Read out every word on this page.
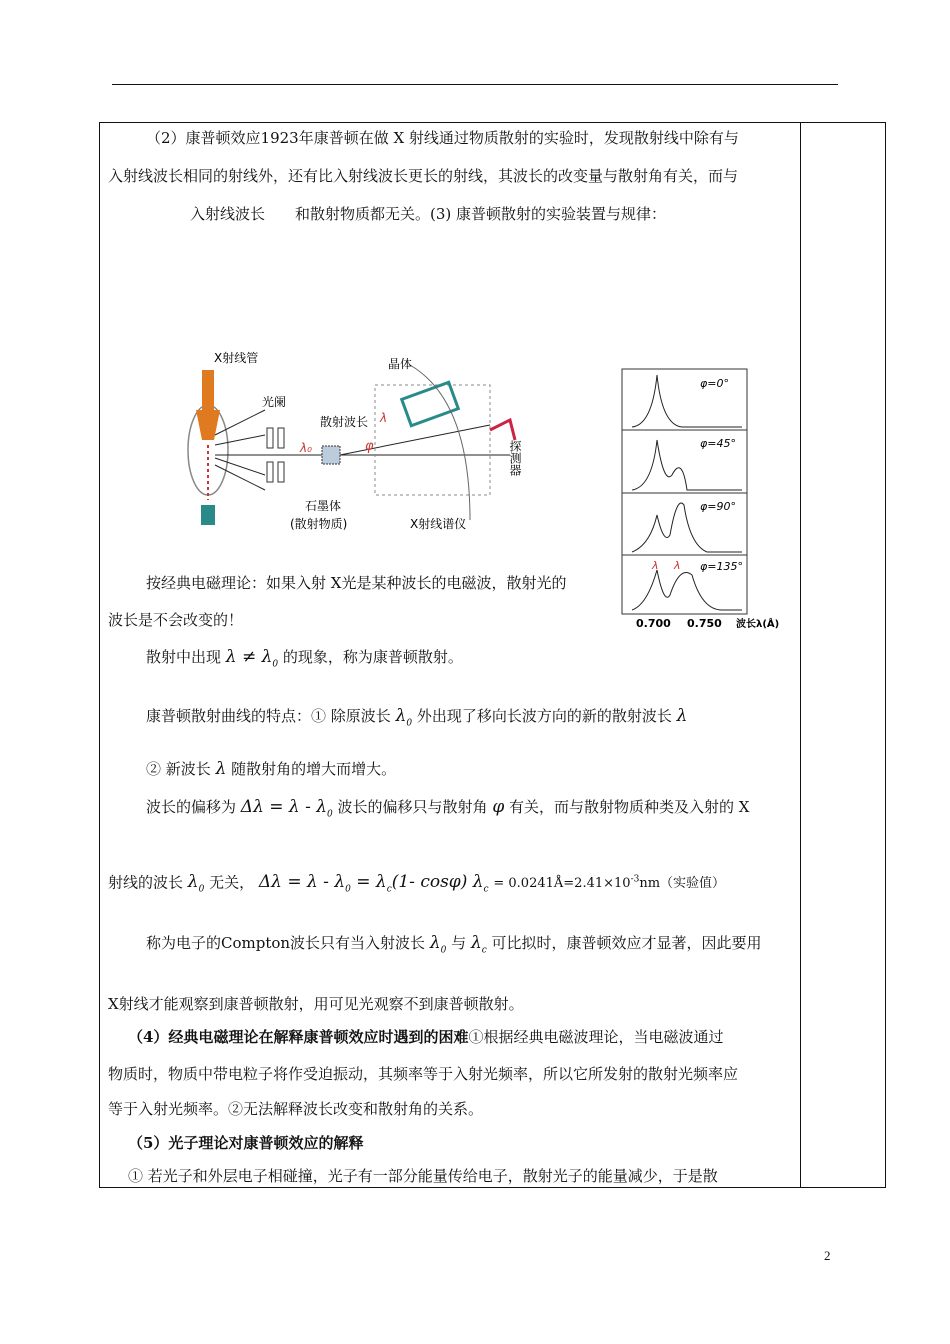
（2）康普顿效应1923年康普顿在做 X 射线通过物质散射的实验时，发现散射线中除有与
入射线波长相同的射线外，还有比入射线波长更长的射线，其波长的改变量与散射角有关，而与
入射线波长　　和散射物质都无关。(3) 康普顿散射的实验装置与规律：
X射线管
光阑
散射波长
晶体
λ₀
λ
φ	探测器
石墨体
(散射物质)	X射线谱仪
φ=0°
φ=45°
φ=90°
φ=135°
λ λ
0.700 0.750 波长λ(Å)
按经典电磁理论：如果入射 X光是某种波长的电磁波，散射光的
波长是不会改变的！
散射中出现 $\lambda \ne \lambda_0$ 的现象，称为康普顿散射。
康普顿散射曲线的特点：① 除原波长 $\lambda_0$ 外出现了移向长波方向的新的散射波长 λ
② 新波长 λ 随散射角的增大而增大。
波长的偏移为 $\Delta\lambda = \lambda - \lambda_0$ 波长的偏移只与散射角 φ 有关，而与散射物质种类及入射的 X
射线的波长 $\lambda_0$ 无关， $\Delta\lambda = \lambda - \lambda_0 = \lambda_c(1-$ cosφ) $\lambda_c$ = $0.0241Å=2.41\times 10^{-3}nm$（实验值）
称为电子的Compton波长只有当入射波长 $\lambda_0$ 与 $\lambda_c$ 可比拟时，康普顿效应才显著，因此要用
X射线才能观察到康普顿散射，用可见光观察不到康普顿散射。
（4）经典电磁理论在解释康普顿效应时遇到的困难①根据经典电磁波理论，当电磁波通过
物质时，物质中带电粒子将作受迫振动，其频率等于入射光频率，所以它所发射的散射光频率应
等于入射光频率。②无法解释波长改变和散射角的关系。
（5）光子理论对康普顿效应的解释
① 若光子和外层电子相碰撞，光子有一部分能量传给电子，散射光子的能量减少，于是散
2
